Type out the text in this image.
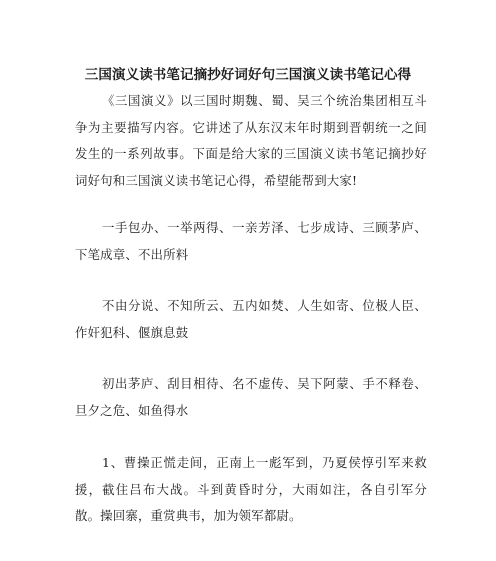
三国演义读书笔记摘抄好词好句三国演义读书笔记心得
《三国演义》以三国时期魏、蜀、吴三个统治集团相互斗争为主要描写内容。它讲述了从东汉末年时期到晋朝统一之间发生的一系列故事。下面是给大家的三国演义读书笔记摘抄好词好句和三国演义读书笔记心得，希望能帮到大家!
一手包办、一举两得、一亲芳泽、七步成诗、三顾茅庐、下笔成章、不出所料
不由分说、不知所云、五内如焚、人生如寄、位极人臣、作奸犯科、偃旗息鼓
初出茅庐、刮目相待、名不虚传、吴下阿蒙、手不释卷、旦夕之危、如鱼得水
1、曹操正慌走间，正南上一彪军到，乃夏侯惇引军来救援，截住吕布大战。斗到黄昏时分，大雨如注，各自引军分散。操回寨，重赏典韦，加为领军都尉。
